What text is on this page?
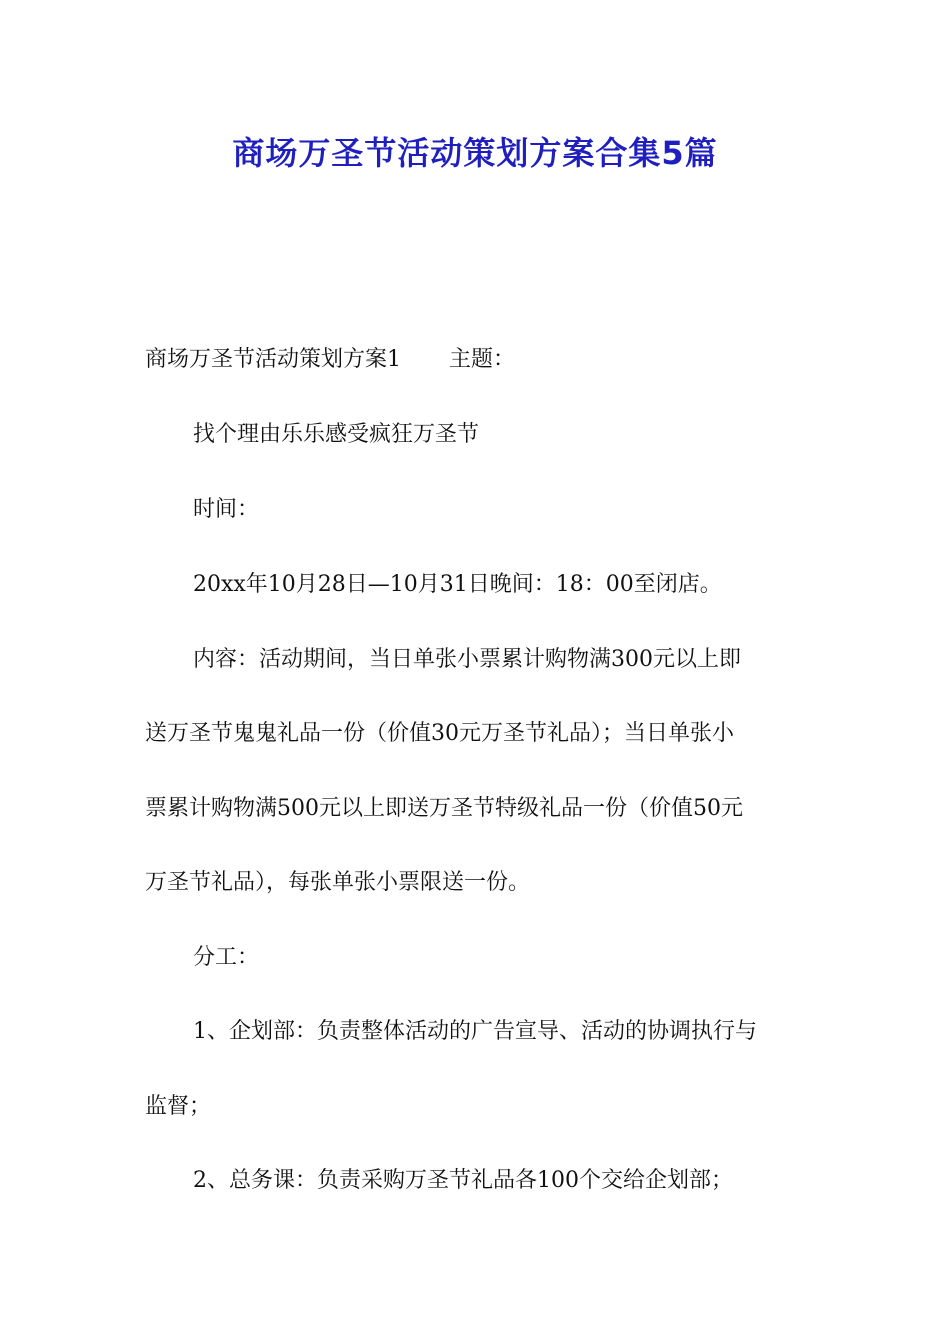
商场万圣节活动策划方案合集5篇
商场万圣节活动策划方案1 主题：
找个理由乐乐感受疯狂万圣节
时间：
20xx年10月28日—10月31日晚间：18：00至闭店。
内容：活动期间，当日单张小票累计购物满300元以上即
送万圣节鬼鬼礼品一份（价值30元万圣节礼品）；当日单张小
票累计购物满500元以上即送万圣节特级礼品一份（价值50元
万圣节礼品），每张单张小票限送一份。
分工：
1、企划部：负责整体活动的广告宣导、活动的协调执行与
监督；
2、总务课：负责采购万圣节礼品各100个交给企划部；
